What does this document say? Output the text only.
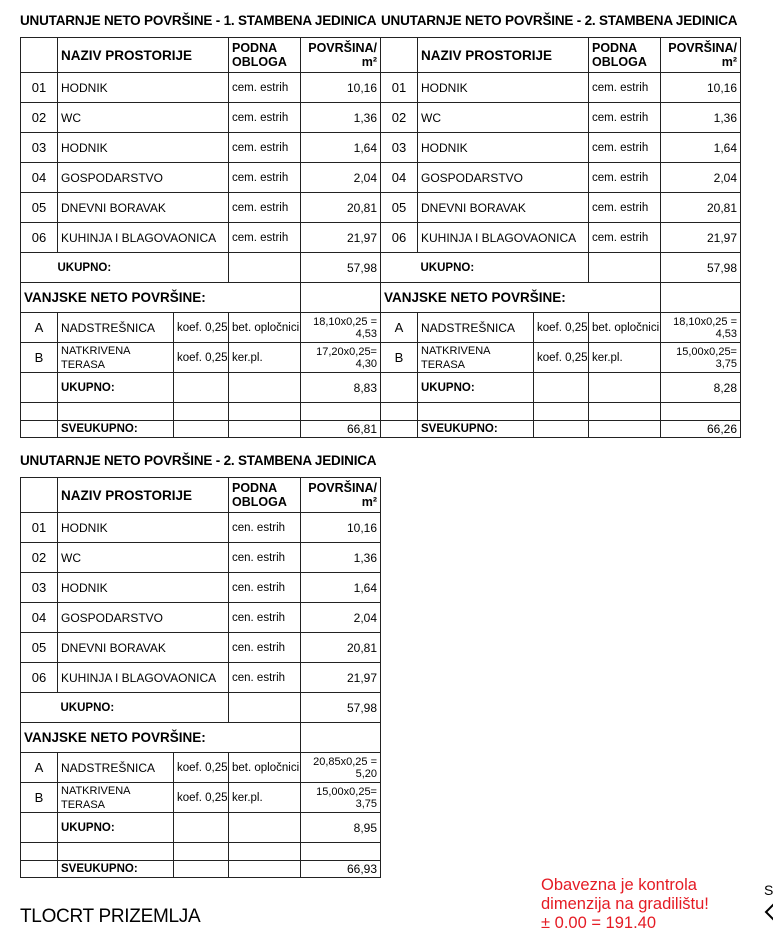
UNUTARNJE NETO POVRŠINE - 1. STAMBENA JEDINICA
	NAZIV PROSTORIJE		PODNA
OBLOGA	POVRŠINA/
m²
01	HODNIK		cem. estrih	10,16
02	WC		cem. estrih	1,36
03	HODNIK		cem. estrih	1,64
04	GOSPODARSTVO		cem. estrih	2,04
05	DNEVNI BORAVAK		cem. estrih	20,81
06	KUHINJA I BLAGOVAONICA		cem. estrih	21,97
	UKUPNO:			57,98
VANJSKE NETO POVRŠINE:				
A	NADSTREŠNICA	koef. 0,25	bet. opločnici	18,10x0,25 =
4,53
B	NATKRIVENA
TERASA	koef. 0,25	ker.pl.	17,20x0,25=
4,30
	UKUPNO:			8,83

	SVEUKUPNO:			66,81
UNUTARNJE NETO POVRŠINE - 2. STAMBENA JEDINICA
	NAZIV PROSTORIJE		PODNA
OBLOGA	POVRŠINA/
m²
01	HODNIK		cem. estrih	10,16
02	WC		cem. estrih	1,36
03	HODNIK		cem. estrih	1,64
04	GOSPODARSTVO		cem. estrih	2,04
05	DNEVNI BORAVAK		cem. estrih	20,81
06	KUHINJA I BLAGOVAONICA		cem. estrih	21,97
	UKUPNO:			57,98
VANJSKE NETO POVRŠINE:				
A	NADSTREŠNICA	koef. 0,25	bet. opločnici	18,10x0,25 =
4,53
B	NATKRIVENA
TERASA	koef. 0,25	ker.pl.	15,00x0,25=
3,75
	UKUPNO:			8,28

	SVEUKUPNO:			66,26
UNUTARNJE NETO POVRŠINE - 2. STAMBENA JEDINICA
	NAZIV PROSTORIJE		PODNA
OBLOGA	POVRŠINA/
m²
01	HODNIK		cen. estrih	10,16
02	WC		cen. estrih	1,36
03	HODNIK		cen. estrih	1,64
04	GOSPODARSTVO		cen. estrih	2,04
05	DNEVNI BORAVAK		cen. estrih	20,81
06	KUHINJA I BLAGOVAONICA		cen. estrih	21,97
	UKUPNO:			57,98
VANJSKE NETO POVRŠINE:				
A	NADSTREŠNICA	koef. 0,25	bet. opločnici	20,85x0,25 =
5,20
B	NATKRIVENA
TERASA	koef. 0,25	ker.pl.	15,00x0,25=
3,75
	UKUPNO:			8,95

	SVEUKUPNO:			66,93
TLOCRT PRIZEMLJA
Obavezna je kontrola
dimenzija na gradilištu!
± 0.00 = 191.40
S
